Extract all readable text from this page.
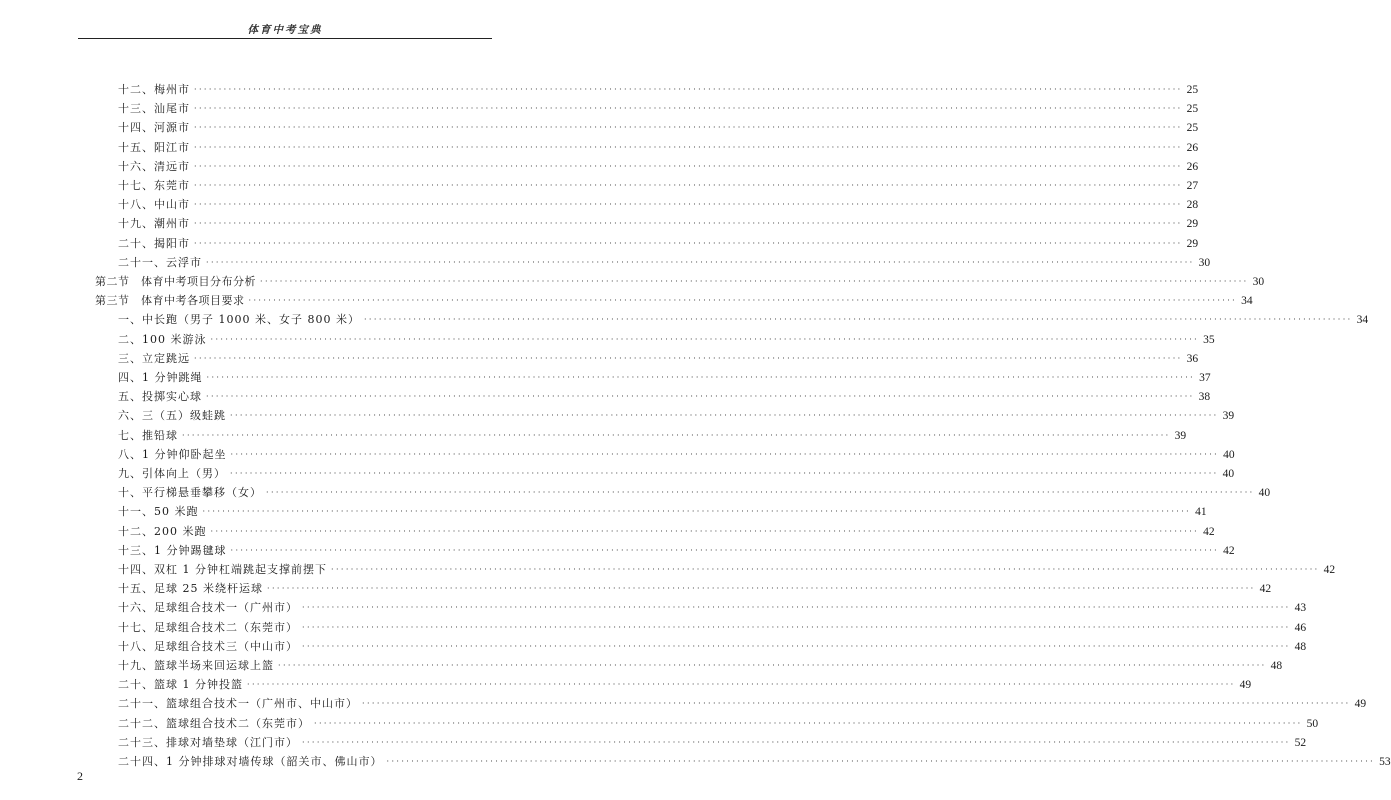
体育中考宝典
十二、梅州市 ········································································································································································································ 25
十三、汕尾市 ········································································································································································································ 25
十四、河源市 ········································································································································································································ 25
十五、阳江市 ········································································································································································································ 26
十六、清远市 ········································································································································································································ 26
十七、东莞市 ········································································································································································································ 27
十八、中山市 ········································································································································································································ 28
十九、潮州市 ········································································································································································································ 29
二十、揭阳市 ········································································································································································································ 29
二十一、云浮市 ········································································································································································································ 30
第二节　体育中考项目分布分析 ········································································································································································································ 30
第三节　体育中考各项目要求 ········································································································································································································ 34
一、中长跑（男子 1000 米、女子 800 米） ········································································································································································································ 34
二、100 米游泳 ········································································································································································································ 35
三、立定跳远 ········································································································································································································ 36
四、1 分钟跳绳 ········································································································································································································ 37
五、投掷实心球 ········································································································································································································ 38
六、三（五）级蛙跳 ········································································································································································································ 39
七、推铅球 ········································································································································································································ 39
八、1 分钟仰卧起坐 ········································································································································································································ 40
九、引体向上（男） ········································································································································································································ 40
十、平行梯悬垂攀移（女） ········································································································································································································ 40
十一、50 米跑 ········································································································································································································ 41
十二、200 米跑 ········································································································································································································ 42
十三、1 分钟踢毽球 ········································································································································································································ 42
十四、双杠 1 分钟杠端跳起支撑前摆下 ········································································································································································································ 42
十五、足球 25 米绕杆运球 ········································································································································································································ 42
十六、足球组合技术一（广州市） ········································································································································································································ 43
十七、足球组合技术二（东莞市） ········································································································································································································ 46
十八、足球组合技术三（中山市） ········································································································································································································ 48
十九、篮球半场来回运球上篮 ········································································································································································································ 48
二十、篮球 1 分钟投篮 ········································································································································································································ 49
二十一、篮球组合技术一（广州市、中山市） ········································································································································································································ 49
二十二、篮球组合技术二（东莞市） ········································································································································································································ 50
二十三、排球对墙垫球（江门市） ········································································································································································································ 52
二十四、1 分钟排球对墙传球（韶关市、佛山市） ········································································································································································································ 53
2
